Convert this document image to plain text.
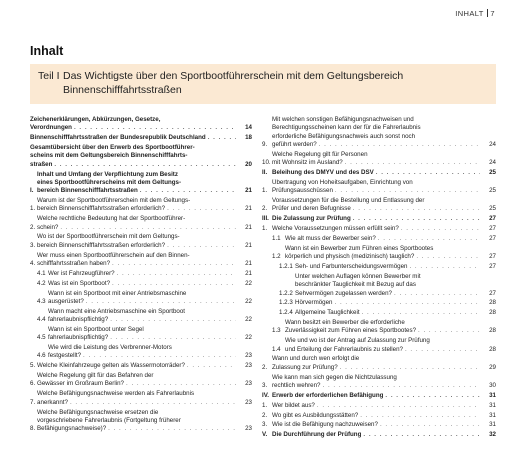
INHALT 7
Inhalt
Teil I Das Wichtigste über den Sportbootführerschein mit dem Geltungsbereich Binnenschifffahrtsstraßen
Zeichenerklärungen, Abkürzungen, Gesetze,
Verordnungen . . .	14
Binnenschifffahrtsstraßen der Bundesrepublik Deutschland . . .	18
Gesamtübersicht über den Erwerb des Sportbootführer-
scheins mit dem Geltungsbereich Binnenschifffahrts-
straßen . . .	20
I.
Inhalt und Umfang der Verpflichtung zum Besitz
eines Sportbootführerscheins mit dem Geltungs-
bereich Binnenschifffahrtsstraßen . . .	21
1.
Warum ist der Sportbootführerschein mit dem Geltungs-
bereich Binnenschifffahrtsstraßen erforderlich? . . .	21
2.
Welche rechtliche Bedeutung hat der Sportbootführer-
schein? . . .	21
3.
Wo ist der Sportbootführerschein mit dem Geltungs-
bereich Binnenschifffahrtsstraßen erforderlich? . . .	21
4.
Wer muss einen Sportbootführerschein auf den Binnen-
schifffahrtsstraßen haben? . . .	21
4.1 Wer ist Fahrzeugführer? . . .	21
4.2 Was ist ein Sportboot? . . .	22
4.3
Wann ist ein Sportboot mit einer Antriebsmaschine
ausgerüstet? . . .	22
4.4
Wann macht eine Antriebsmaschine ein Sportboot
fahrerlaubnispflichtig? . . .	22
4.5
Wann ist ein Sportboot unter Segel
fahrerlaubnispflichtig? . . .	22
4.6
Wie wird die Leistung des Verbrenner-Motors
festgestellt? . . .	23
5. Welche Kleinfahrzeuge gelten als Wassermotorräder? . . .	23
6.
Welche Regelung gilt für das Befahren der
Gewässer im Großraum Berlin? . . .	23
7.
Welche Befähigungsnachweise werden als Fahrerlaubnis
anerkannt? . . .	23
8.
Welche Befähigungsnachweise ersetzen die
vorgeschriebene Fahrerlaubnis (Fortgeltung früherer
Befähigungsnachweise)? . . .	23
9.
Mit welchen sonstigen Befähigungsnachweisen und
Berechtigungsscheinen kann der für die Fahrerlaubnis
erforderliche Befähigungsnachweis auch sonst noch
geführt werden? . . .	24
10.
Welche Regelung gilt für Personen
mit Wohnsitz im Ausland? . . .	24
II. Beleihung des DMYV und des DSV . . .	25
1.
Übertragung von Hoheitsaufgaben, Einrichtung von
Prüfungsausschüssen . . .	25
2.
Voraussetzungen für die Bestellung und Entlassung der
Prüfer und deren Befugnisse . . .	25
III. Die Zulassung zur Prüfung . . .	27
1. Welche Voraussetzungen müssen erfüllt sein? . . .	27
1.1 Wie alt muss der Bewerber sein? . . .	27
1.2
Wann ist ein Bewerber zum Führen eines Sportbootes
körperlich und physisch (medizinisch) tauglich? . . .	27
1.2.1 Seh- und Farbunterscheidungsvermögen . . .	27
1.2.2
Unter welchen Auflagen können Bewerber mit
beschränkter Tauglichkeit mit Bezug auf das
Sehvermögen zugelassen werden? . . .	27
1.2.3 Hörvermögen . . .	28
1.2.4 Allgemeine Tauglichkeit . . .	28
1.3
Wann besitzt ein Bewerber die erforderliche
Zuverlässigkeit zum Führen eines Sportbootes? . . .	28
1.4
Wie und wo ist der Antrag auf Zulassung zur Prüfung
und Erteilung der Fahrerlaubnis zu stellen? . . .	28
2.
Wann und durch wen erfolgt die
Zulassung zur Prüfung? . . .	29
3.
Wie kann man sich gegen die Nichtzulassung
rechtlich wehren? . . .	30
IV. Erwerb der erforderlichen Befähigung . . .	31
1. Wer bildet aus? . . .	31
2. Wo gibt es Ausbildungsstätten? . . .	31
3. Wie ist die Befähigung nachzuweisen? . . .	31
V. Die Durchführung der Prüfung . . .	32
